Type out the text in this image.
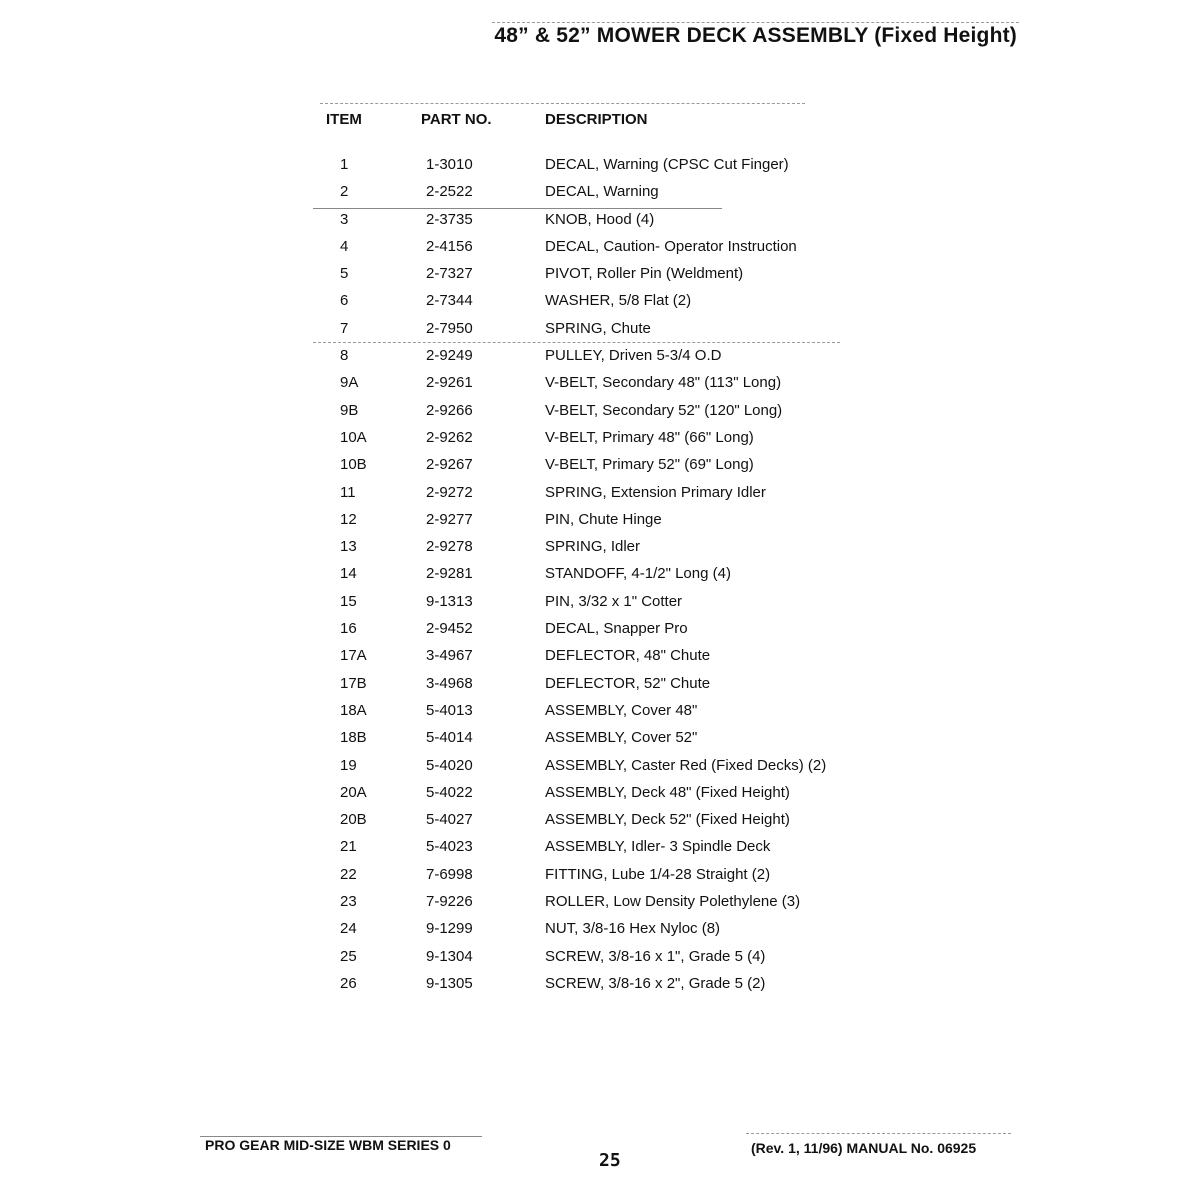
48” & 52” MOWER DECK ASSEMBLY (Fixed Height)
ITEM	PART NO.	DESCRIPTION
1	1-3010	DECAL, Warning (CPSC Cut Finger)
2	2-2522	DECAL, Warning
3	2-3735	KNOB, Hood (4)
4	2-4156	DECAL, Caution- Operator Instruction
5	2-7327	PIVOT, Roller Pin (Weldment)
6	2-7344	WASHER, 5/8 Flat (2)
7	2-7950	SPRING, Chute
8	2-9249	PULLEY, Driven 5-3/4 O.D
9A	2-9261	V-BELT, Secondary 48" (113" Long)
9B	2-9266	V-BELT, Secondary 52" (120" Long)
10A	2-9262	V-BELT, Primary 48" (66" Long)
10B	2-9267	V-BELT, Primary 52" (69" Long)
11	2-9272	SPRING, Extension Primary Idler
12	2-9277	PIN, Chute Hinge
13	2-9278	SPRING, Idler
14	2-9281	STANDOFF, 4-1/2" Long (4)
15	9-1313	PIN, 3/32 x 1" Cotter
16	2-9452	DECAL, Snapper Pro
17A	3-4967	DEFLECTOR, 48" Chute
17B	3-4968	DEFLECTOR, 52" Chute
18A	5-4013	ASSEMBLY, Cover 48"
18B	5-4014	ASSEMBLY, Cover 52"
19	5-4020	ASSEMBLY, Caster Red (Fixed Decks) (2)
20A	5-4022	ASSEMBLY, Deck 48" (Fixed Height)
20B	5-4027	ASSEMBLY, Deck 52" (Fixed Height)
21	5-4023	ASSEMBLY, Idler- 3 Spindle Deck
22	7-6998	FITTING, Lube 1/4-28 Straight (2)
23	7-9226	ROLLER, Low Density Polethylene (3)
24	9-1299	NUT, 3/8-16 Hex Nyloc (8)
25	9-1304	SCREW, 3/8-16 x 1", Grade 5 (4)
26	9-1305	SCREW, 3/8-16 x 2", Grade 5 (2)
PRO GEAR MID-SIZE WBM SERIES 0
25
(Rev. 1, 11/96) MANUAL No. 06925
